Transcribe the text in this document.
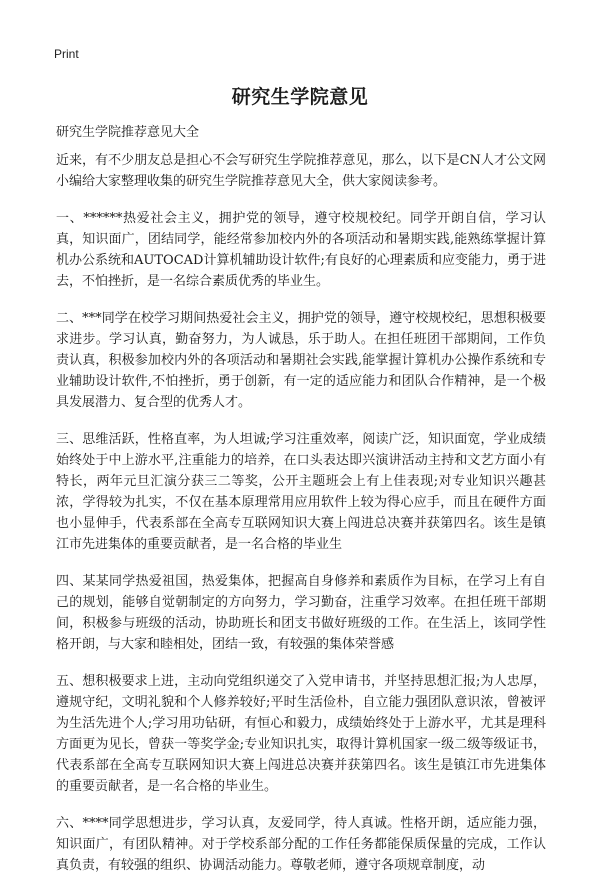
Print
研究生学院意见

研究生学院推荐意见大全

近来，有不少朋友总是担心不会写研究生学院推荐意见，那么，以下是CN人才公文网小编给大家整理收集的研究生学院推荐意见大全，供大家阅读参考。

一、******热爱社会主义，拥护党的领导，遵守校规校纪。同学开朗自信，学习认真，知识面广，团结同学，能经常参加校内外的各项活动和暑期实践,能熟练掌握计算机办公系统和AUTOCAD计算机辅助设计软件;有良好的心理素质和应变能力，勇于进去，不怕挫折，是一名综合素质优秀的毕业生。

二、***同学在校学习期间热爱社会主义，拥护党的领导，遵守校规校纪，思想积极要求进步。学习认真，勤奋努力，为人诚恳，乐于助人。在担任班团干部期间，工作负责认真，积极参加校内外的各项活动和暑期社会实践,能掌握计算机办公操作系统和专业辅助设计软件,不怕挫折，勇于创新，有一定的适应能力和团队合作精神，是一个极具发展潜力、复合型的优秀人才。

三、思维活跃，性格直率，为人坦诚;学习注重效率，阅读广泛，知识面宽，学业成绩始终处于中上游水平,注重能力的培养，在口头表达即兴演讲活动主持和文艺方面小有特长，两年元旦汇演分获三二等奖，公开主题班会上有上佳表现;对专业知识兴趣甚浓，学得较为扎实，不仅在基本原理常用应用软件上较为得心应手，而且在硬件方面也小显伸手，代表系部在全高专互联网知识大赛上闯进总决赛并获第四名。该生是镇江市先进集体的重要贡献者，是一名合格的毕业生

四、某某同学热爱祖国，热爱集体，把握高自身修养和素质作为目标，在学习上有自己的规划，能够自觉朝制定的方向努力，学习勤奋，注重学习效率。在担任班干部期间，积极参与班级的活动，协助班长和团支书做好班级的工作。在生活上，该同学性格开朗，与大家和睦相处，团结一致，有较强的集体荣誉感

五、想积极要求上进，主动向党组织递交了入党申请书，并坚持思想汇报;为人忠厚，遵规守纪，文明礼貌和个人修养较好;平时生活俭朴，自立能力强团队意识浓，曾被评为生活先进个人;学习用功钻研，有恒心和毅力，成绩始终处于上游水平，尤其是理科方面更为见长，曾获一等奖学金;专业知识扎实，取得计算机国家一级二级等级证书，代表系部在全高专互联网知识大赛上闯进总决赛并获第四名。该生是镇江市先进集体的重要贡献者，是一名合格的毕业生。

六、****同学思想进步，学习认真，友爱同学，待人真诚。性格开朗，适应能力强，知识面广，有团队精神。对于学校系部分配的工作任务都能保质保量的完成，工作认真负责，有较强的组织、协调活动能力。尊敬老师，遵守各项规章制度，动
